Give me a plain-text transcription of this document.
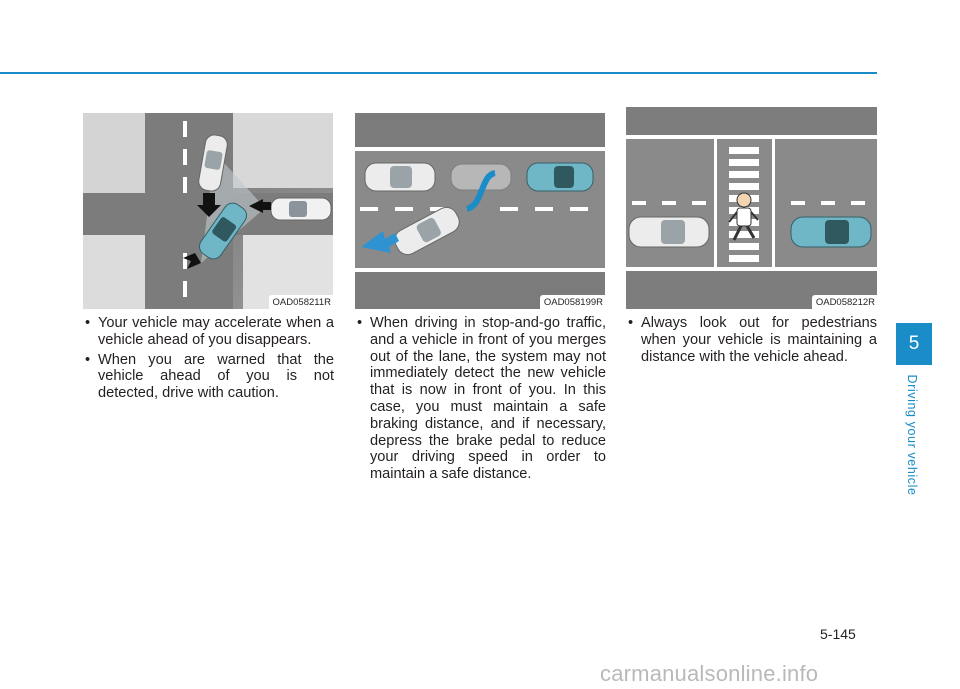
OAD058211R	OAD058199R	OAD058212R
• Your vehicle may accelerate when a vehicle ahead of you disappears.
• When you are warned that the vehicle ahead of you is not detected, drive with caution.
• When driving in stop-and-go traffic, and a vehicle in front of you merges out of the lane, the system may not immediately detect the new vehicle that is now in front of you. In this case, you must maintain a safe braking distance, and if necessary, depress the brake pedal to reduce your driving speed in order to maintain a safe distance.
• Always look out for pedestrians when your vehicle is maintaining a distance with the vehicle ahead.
5
Driving your vehicle
5-145
carmanualsonline.info
